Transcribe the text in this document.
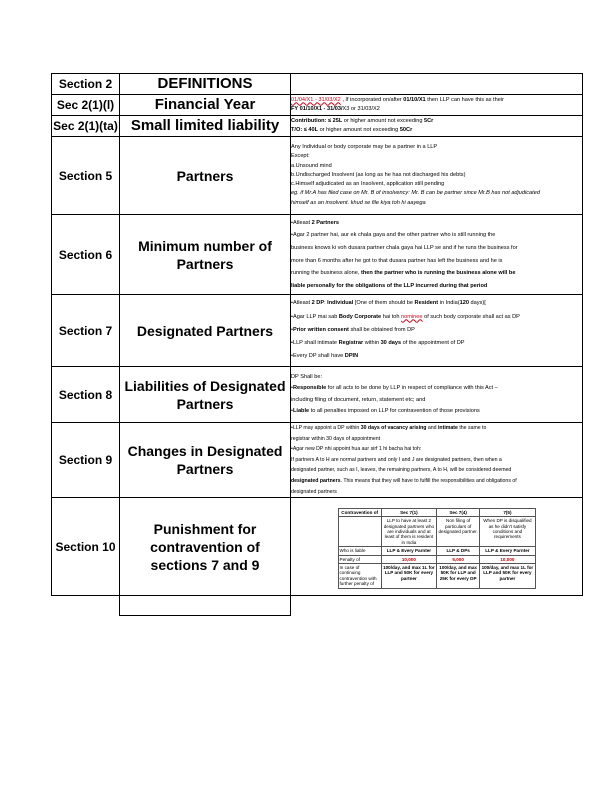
Section 2	DEFINITIONS	
Sec 2(1)(l)	Financial Year	01/04/X1 - 31/03/X2 , If incorporated on/after 01/10/X1 then LLP can have this as their

FY 01/10/X1 - 31/03/X3 or 31/03/X2

Sec 2(1)(ta)	Small limited liability	Contribution: ≤ 25L or higher amount not exceeding 5Cr

T/O: ≤ 40L or higher amount not exceeding 50Cr

Section 5	Partners	

Any Individual or body corporate may be a partner in a LLP

Except:

a.Unsound mind

b.Undischarged Insolvent (as long as he has not discharged his debts)

c.Himself adjudicated as an Insolvent, application still pending

eg. if Mr.A has filed case on Mr. B of insolvency: Mr. B can be partner since Mr.B has not adjudicated

himself as an insolvent. khud se file kiya toh hi aayega

Section 6	Minimum number of Partners	

•Atleast 2 Partners

•Agar 2 partner hai, aur ek chala gaya and the other partner who is still running the

business knows ki voh dusara partner chala gaya hai LLP se and if he runs the business for

more than 6 months after he got to that dusara partner has left the business and he is

running the business alone, then the partner who is running the business alone will be

liable personally for the obligations of the LLP incurred during that period

Section 7	Designated Partners	

•Atleast 2 DP: Individual [One of them should be Resident in India(120 days)[

•Agar LLP mai sab Body Corporate hai toh nominee of such body corporate shall act as DP

•Prior written consent shall be obtained from DP

•LLP shall intimate Registrar within 30 days of the appointment of DP

•Every DP shall have DPIN

Section 8	Liabilities of Designated Partners	

DP Shall be:

•Responsible for all acts to be done by LLP in respect of compliance with this Act –

including filing of document, return, statement etc; and

•Liable to all penalties imposed on LLP for contravention of those provisions

Section 9	Changes in Designated Partners	

•LLP may appoint a DP within 30 days of vacancy arising and intimate the same to

registrar within 30 days of appointment

•Agar new DP nhi appoint hua aur sirf 1 hi bacha hai toh:

If partners A to H are normal partners and only I and J are designated partners, then when a

designated partner, such as I, leaves, the remaining partners, A to H, will be considered deemed

designated partners. This means that they will have to fulfill the responsibilities and obligations of

designated partners

Section 10	Punishment for contravention of sections 7 and 9	
Contravention of	Sec 7(1)	Sec 7(4)	7(5)
	LLP to have at least 2 designated partners who are individuals and at least of them is resident in India	Non filing of particulars of designated partner.	When DP is disqualified as he didn't satisfy conditions and requirements
Who is liable	LLP & Every Parnter	LLP & DPs	LLP & Every Parnter
Penalty of	10,000	5,000	10,000
In case of continuing contravention with further penalty of	100/day, and max 1L for LLP and 50K for every partner	100/day, and max 50K for LLP and 25K for every DP	100/day, and max 1L for LLP and 50K for every partner
